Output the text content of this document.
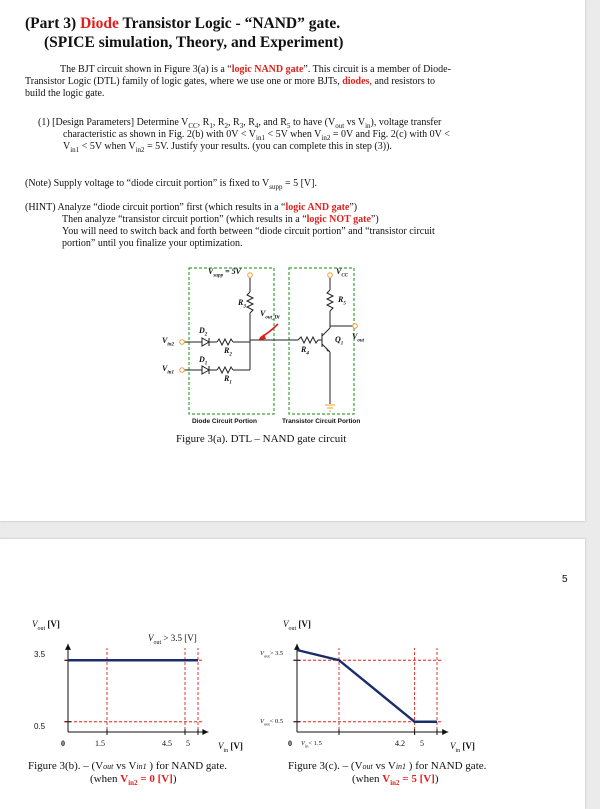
(Part 3) Diode Transistor Logic - “NAND” gate.
(SPICE simulation, Theory, and Experiment)
The BJT circuit shown in Figure 3(a) is a “logic NAND gate”. This circuit is a member of Diode-
Transistor Logic (DTL) family of logic gates, where we use one or more BJTs, diodes, and resistors to
build the logic gate.
(1) [Design Parameters] Determine $V_{CC}$, $R_1$, $R_2$, $R_3$, $R_4$, and $R_5$ to have ($V_{out}$ vs $V_{in}$), voltage transfer
characteristic as shown in Fig. 2(b) with $0V < V_{in1} < 5V$ when $V_{in2} = 0V$ and Fig. 2(c) with 0V <
$V_{in1} < 5V$ when $V_{in2} = 5V$. Justify your results. (you can complete this in step (3)).
(Note) Supply voltage to “diode circuit portion” is fixed to $V_{supp} = 5$ [V].
(HINT) Analyze “diode circuit portion” first (which results in a “logic AND gate”)
Then analyze “transistor circuit portion” (which results in a “logic NOT gate”)
You will need to switch back and forth between “diode circuit portion” and “transistor circuit
portion” until you finalize your optimization.
$V_{supp} = 5V$	$V_{CC}$
$R_3$
$R_5$
$V_{out\_Di}$
$V_{out}$
$V_{in2}$
$V_{in1}$
$D_2$
$D_1$
$R_2$
$R_1$
$R_4$
$Q_1$
Diode Circuit Portion	Transistor Circuit Portion
Figure 3(a). DTL – NAND gate circuit
5
$V_{out}$ [V]
$V_{out} > 3.5$ [V]
3.5
0.5
0	1.5	4.5 5	$V_{in}$ [V]
Figure 3(b). – (Vout vs Vin1 ) for NAND gate.
(when $V_{in2} = 0$ [V])
$V_{out}$ [V]
$V_{out}> 3.5$
$V_{out}< 0.5$
0 $V_{in}< 1.5$	4.2 5	$V_{in}$ [V]
Figure 3(c). – (Vout vs Vin1 ) for NAND gate.
(when $V_{in2} = 5$ [V])
